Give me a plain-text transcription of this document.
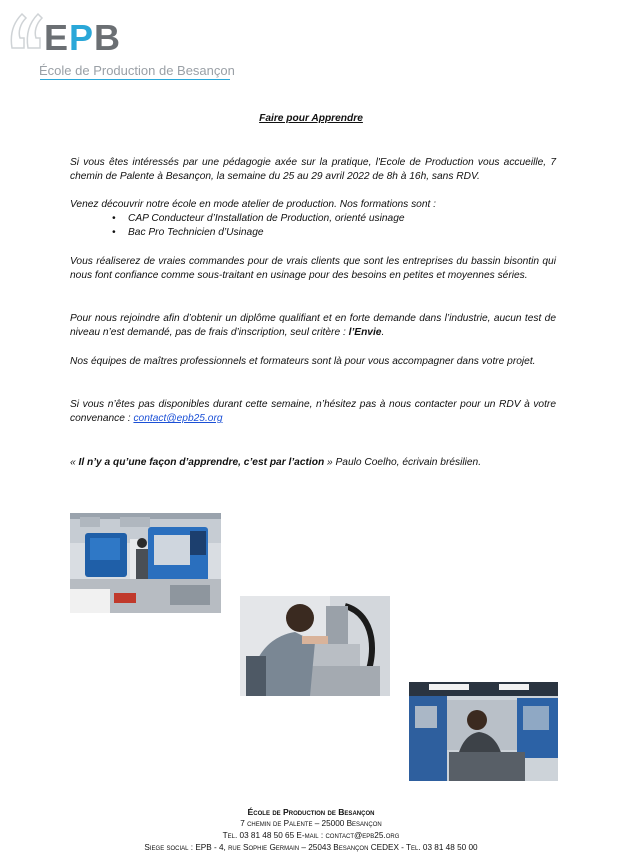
EPB
École de Production de Besançon
Faire pour Apprendre

Si vous êtes intéressés par une pédagogie axée sur la pratique, l'Ecole de Production vous accueille, 7 chemin de Palente à Besançon, la semaine du 25 au 29 avril 2022 de 8h à 16h, sans RDV.

Venez découvrir notre école en mode atelier de production. Nos formations sont :

• CAP Conducteur d’Installation de Production, orienté usinage
• Bac Pro Technicien d’Usinage

Vous réaliserez de vraies commandes pour de vrais clients que sont les entreprises du bassin bisontin qui nous font confiance comme sous-traitant en usinage pour des besoins en petites et moyennes séries.

Pour nous rejoindre afin d’obtenir un diplôme qualifiant et en forte demande dans l’industrie, aucun test de niveau n’est demandé, pas de frais d’inscription, seul critère : l’Envie.

Nos équipes de maîtres professionnels et formateurs sont là pour vous accompagner dans votre projet.

Si vous n’êtes pas disponibles durant cette semaine, n’hésitez pas à nous contacter pour un RDV à votre convenance : contact@epb25.org

« Il n’y a qu’une façon d’apprendre, c’est par l’action » Paulo Coelho, écrivain brésilien.

École de Production de Besançon
7 chemin de Palente – 25000 Besançon
Tel. 03 81 48 50 65 E-mail : contact@epb25.org
Siege social : EPB - 4, rue Sophie Germain – 25043 Besançon CEDEX - Tel. 03 81 48 50 00
